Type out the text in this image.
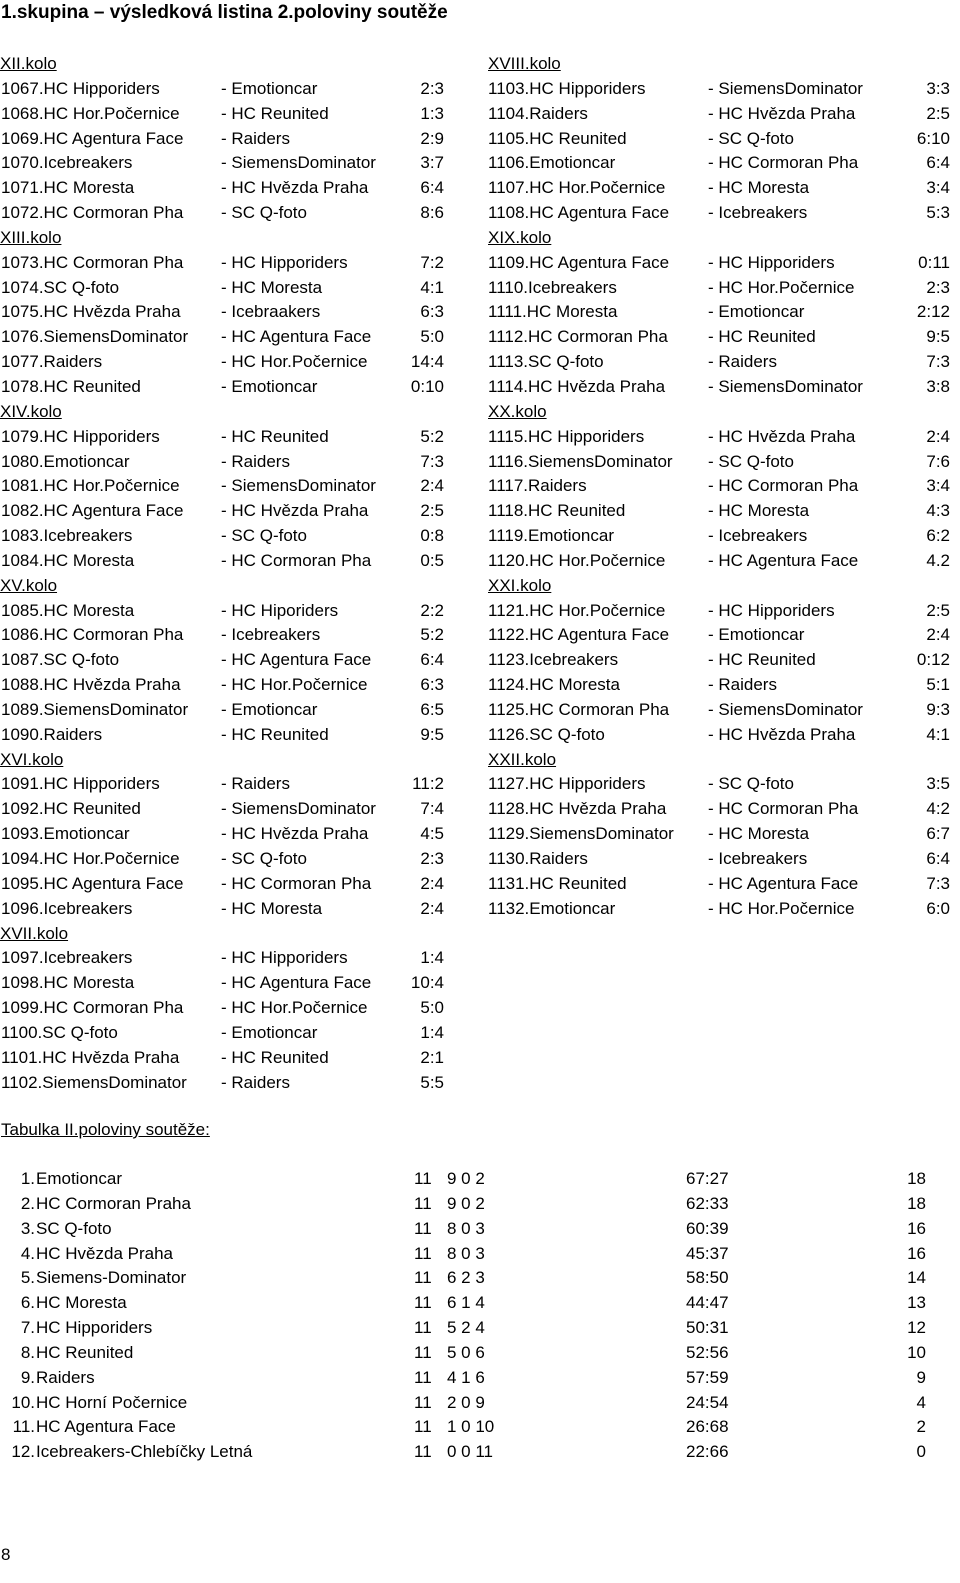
1.skupina – výsledková listina 2.poloviny soutěže
XII.kolo
1067.HC Hipporiders	- Emotioncar	2:3
1068.HC Hor.Počernice - HC Reunited	1:3
1069.HC Agentura Face - Raiders	2:9
1070.Icebreakers	- SiemensDominator	3:7
1071.HC Moresta	- HC Hvězda Praha	6:4
1072.HC Cormoran Pha - SC Q-foto	8:6
XIII.kolo
1073.HC Cormoran Pha - HC Hipporiders	7:2
1074.SC Q-foto	- HC Moresta	4:1
1075.HC Hvězda Praha - Icebraakers	6:3
1076.SiemensDominator - HC Agentura Face	5:0
1077.Raiders	- HC Hor.Počernice	14:4
1078.HC Reunited	- Emotioncar	0:10
XIV.kolo
1079.HC Hipporiders	- HC Reunited	5:2
1080.Emotioncar	- Raiders	7:3
1081.HC Hor.Počernice - SiemensDominator	2:4
1082.HC Agentura Face - HC Hvězda Praha	2:5
1083.Icebreakers	- SC Q-foto	0:8
1084.HC Moresta	- HC Cormoran Pha	0:5
XV.kolo
1085.HC Moresta	- HC Hiporiders	2:2
1086.HC Cormoran Pha - Icebreakers	5:2
1087.SC Q-foto	- HC Agentura Face	6:4
1088.HC Hvězda Praha - HC Hor.Počernice	6:3
1089.SiemensDominator - Emotioncar	6:5
1090.Raiders	- HC Reunited	9:5
XVI.kolo
1091.HC Hipporiders	- Raiders	11:2
1092.HC Reunited	- SiemensDominator	7:4
1093.Emotioncar	- HC Hvězda Praha	4:5
1094.HC Hor.Počernice - SC Q-foto	2:3
1095.HC Agentura Face - HC Cormoran Pha	2:4
1096.Icebreakers	- HC Moresta	2:4
XVII.kolo
1097.Icebreakers	- HC Hipporiders	1:4
1098.HC Moresta	- HC Agentura Face 10:4
1099.HC Cormoran Pha - HC Hor.Počernice	5:0
1100.SC Q-foto	- Emotioncar	1:4
1101.HC Hvězda Praha - HC Reunited	2:1
1102.SiemensDominator - Raiders	5:5
XVIII.kolo
1103.HC Hipporiders	- SiemensDominator	3:3
1104.Raiders	- HC Hvězda Praha	2:5
1105.HC Reunited	- SC Q-foto	6:10
1106.Emotioncar	- HC Cormoran Pha	6:4
1107.HC Hor.Počernice	- HC Moresta	3:4
1108.HC Agentura Face - Icebreakers	5:3
XIX.kolo
1109.HC Agentura Face - HC Hipporiders	0:11
1110.Icebreakers	- HC Hor.Počernice	2:3
1111.HC Moresta	- Emotioncar	2:12
1112.HC Cormoran Pha - HC Reunited	9:5
1113.SC Q-foto	- Raiders	7:3
1114.HC Hvězda Praha	- SiemensDominator	3:8
XX.kolo
1115.HC Hipporiders	- HC Hvězda Praha	2:4
1116.SiemensDominator - SC Q-foto	7:6
1117.Raiders	- HC Cormoran Pha	3:4
1118.HC Reunited	- HC Moresta	4:3
1119.Emotioncar	- Icebreakers	6:2
1120.HC Hor.Počernice	- HC Agentura Face	4.2
XXI.kolo
1121.HC Hor.Počernice	- HC Hipporiders	2:5
1122.HC Agentura Face - Emotioncar	2:4
1123.Icebreakers	- HC Reunited	0:12
1124.HC Moresta	- Raiders	5:1
1125.HC Cormoran Pha - SiemensDominator	9:3
1126.SC Q-foto	- HC Hvězda Praha	4:1
XXII.kolo
1127.HC Hipporiders	- SC Q-foto	3:5
1128.HC Hvězda Praha - HC Cormoran Pha	4:2
1129.SiemensDominator - HC Moresta	6:7
1130.Raiders	- Icebreakers	6:4
1131.HC Reunited	- HC Agentura Face	7:3
1132.Emotioncar	- HC Hor.Počernice	6:0
Tabulka II.poloviny soutěže:
1. Emotioncar	11 9 0 2	67:27	18
2. HC Cormoran Praha	11 9 0 2	62:33	18
3. SC Q-foto	11 8 0 3	60:39	16
4. HC Hvězda Praha	11 8 0 3	45:37	16
5. Siemens-Dominator	11 6 2 3	58:50	14
6. HC Moresta	11 6 1 4	44:47	13
7. HC Hipporiders	11 5 2 4	50:31	12
8. HC Reunited	11 5 0 6	52:56	10
9. Raiders	11 4 1 6	57:59	9
10. HC Horní Počernice	11 2 0 9	24:54	4
11. HC Agentura Face	11 1 0 10	26:68	2
12. Icebreakers-Chlebíčky Letná	11 0 0 11	22:66	0
8
